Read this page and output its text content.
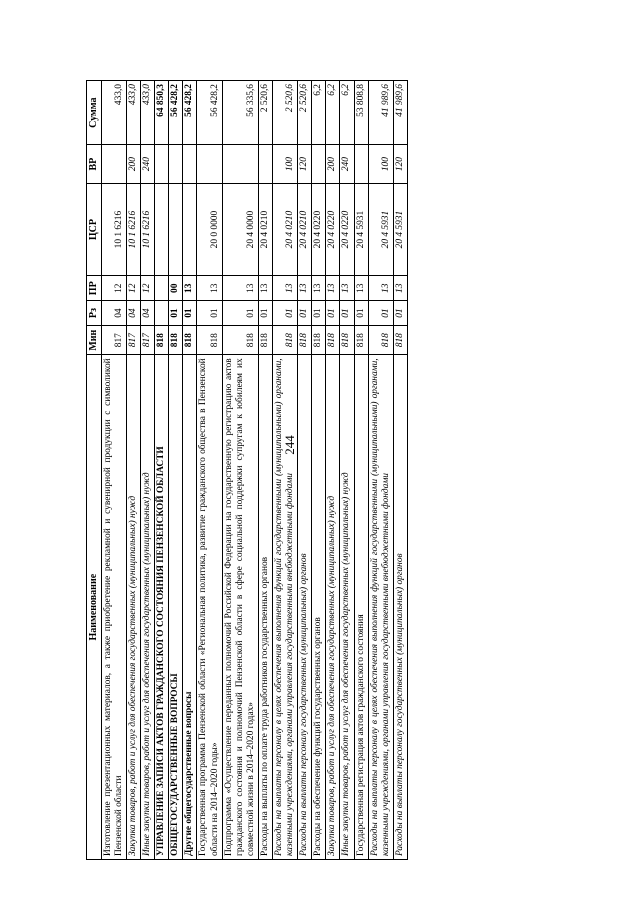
244
Наименование	Мин	Рз	ПР	ЦСР	ВР	Сумма
Изготовление презентационных материалов, а также приобретение рекламной и сувенирной продукции с символикой Пензенской области	817	04	12	10 1 6216		433,0
Закупка товаров, работ и услуг для обеспечения государственных (муниципальных) нужд	817	04	12	10 1 6216	200	433,0
Иные закупки товаров, работ и услуг для обеспечения государственных (муниципальных) нужд	817	04	12	10 1 6216	240	433,0
УПРАВЛЕНИЕ ЗАПИСИ АКТОВ ГРАЖДАНСКОГО СОСТОЯНИЯ ПЕНЗЕНСКОЙ ОБЛАСТИ	818					64 850,3
ОБЩЕГОСУДАРСТВЕННЫЕ ВОПРОСЫ	818	01	00			56 428,2
Другие общегосударственные вопросы	818	01	13			56 428,2
Государственная программа Пензенской области «Региональная политика, развитие гражданского общества в Пензенской области на 2014–2020 годы»	818	01	13	20 0 0000		56 428,2
Подпрограмма «Осуществление переданных полномочий Российской Федерации на государственную регистрацию актов гражданского состояния и полномочий Пензенской области в сфере социальной поддержки супругам к юбилеям их совместной жизни в 2014–2020 годах»	818	01	13	20 4 0000		56 335,6
Расходы на выплаты по оплате труда работников государственных органов	818	01	13	20 4 0210		2 520,6
Расходы на выплаты персоналу в целях обеспечения выполнения функций государственными (муниципальными) органами, казенными учреждениями, органами управления государственными внебюджетными фондами	818	01	13	20 4 0210	100	2 520,6
Расходы на выплаты персоналу государственных (муниципальных) органов	818	01	13	20 4 0210	120	2 520,6
Расходы на обеспечение функций государственных органов	818	01	13	20 4 0220		6,2
Закупка товаров, работ и услуг для обеспечения государственных (муниципальных) нужд	818	01	13	20 4 0220	200	6,2
Иные закупки товаров, работ и услуг для обеспечения государственных (муниципальных) нужд	818	01	13	20 4 0220	240	6,2
Государственная регистрация актов гражданского состояния	818	01	13	20 4 5931		53 808,8
Расходы на выплаты персоналу в целях обеспечения выполнения функций государственными (муниципальными) органами, казенными учреждениями, органами управления государственными внебюджетными фондами	818	01	13	20 4 5931	100	41 989,6
Расходы на выплаты персоналу государственных (муниципальных) органов	818	01	13	20 4 5931	120	41 989,6
